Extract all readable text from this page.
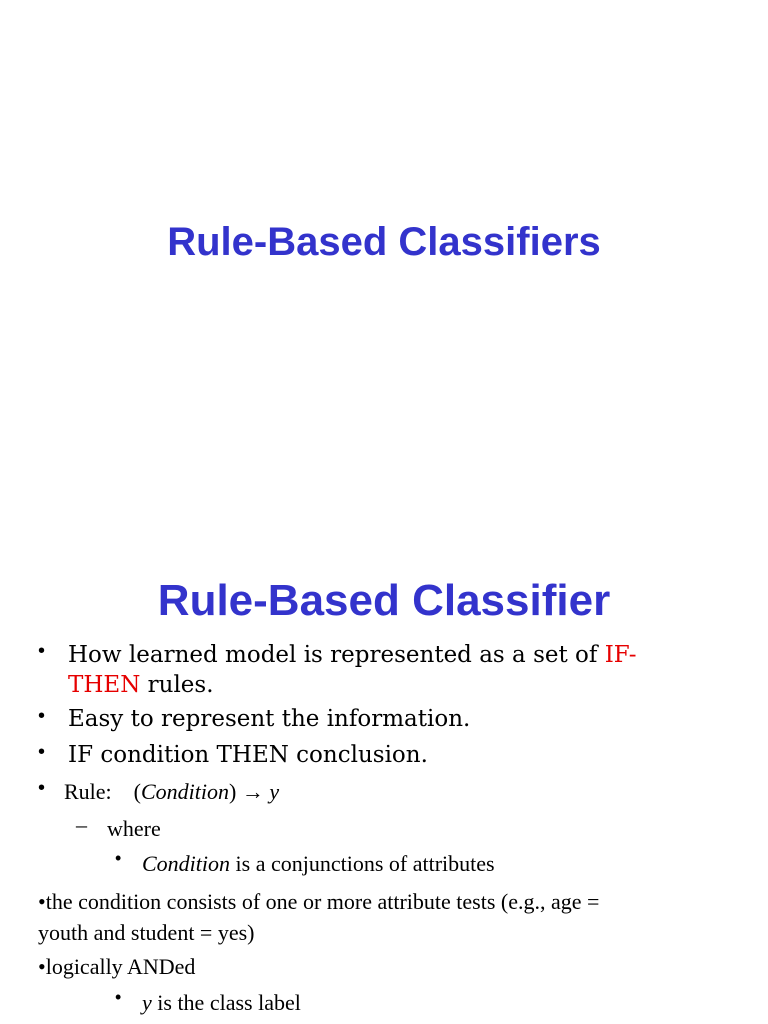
Rule-Based Classifiers
Rule-Based Classifier
• How learned model is represented as a set of IF-
THEN rules.
• Easy to represent the information.
• IF condition THEN conclusion.
• Rule: (Condition) → y
– where
• Condition is a conjunctions of attributes
•the condition consists of one or more attribute tests (e.g., age =
youth and student = yes)
•logically ANDed
• y is the class label
